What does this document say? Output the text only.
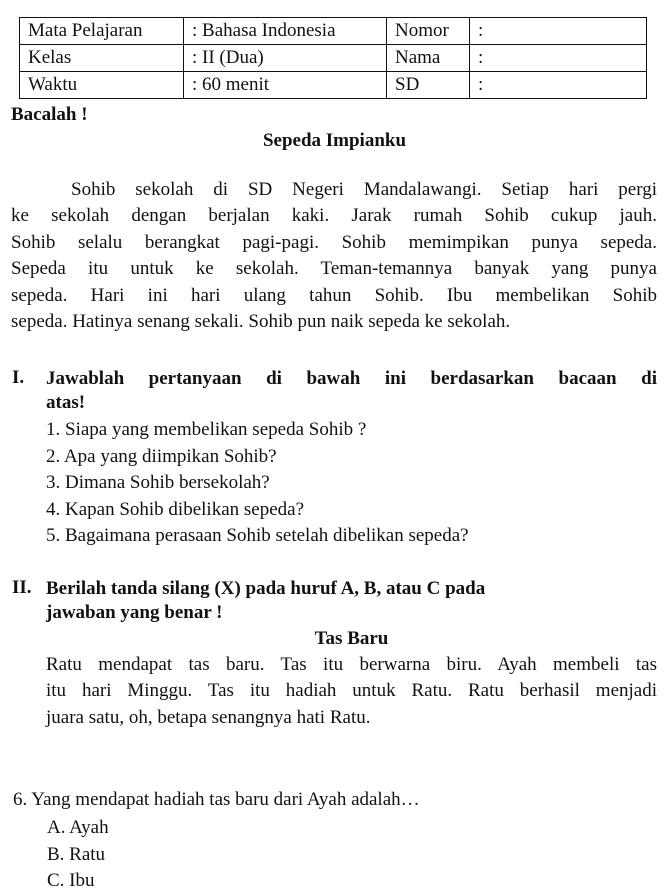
Mata Pelajaran	: Bahasa Indonesia	Nomor	:
Kelas	: II (Dua)	Nama	:
Waktu	: 60 menit	SD	:
Bacalah !
Sepeda Impianku
Sohib sekolah di SD Negeri Mandalawangi. Setiap hari pergi
ke sekolah dengan berjalan kaki. Jarak rumah Sohib cukup jauh.
Sohib selalu berangkat pagi-pagi. Sohib memimpikan punya sepeda.
Sepeda itu untuk ke sekolah. Teman-temannya banyak yang punya
sepeda. Hari ini hari ulang tahun Sohib. Ibu membelikan Sohib
sepeda. Hatinya senang sekali. Sohib pun naik sepeda ke sekolah.
I. Jawablah pertanyaan di bawah ini berdasarkan bacaan di
atas!
1. Siapa yang membelikan sepeda Sohib ?
2. Apa yang diimpikan Sohib?
3. Dimana Sohib bersekolah?
4. Kapan Sohib dibelikan sepeda?
5. Bagaimana perasaan Sohib setelah dibelikan sepeda?
II. Berilah tanda silang (X) pada huruf A, B, atau C pada
jawaban yang benar !
Tas Baru
Ratu mendapat tas baru. Tas itu berwarna biru. Ayah membeli tas
itu hari Minggu. Tas itu hadiah untuk Ratu. Ratu berhasil menjadi
juara satu, oh, betapa senangnya hati Ratu.
6. Yang mendapat hadiah tas baru dari Ayah adalah…
A. Ayah
B. Ratu
C. Ibu
